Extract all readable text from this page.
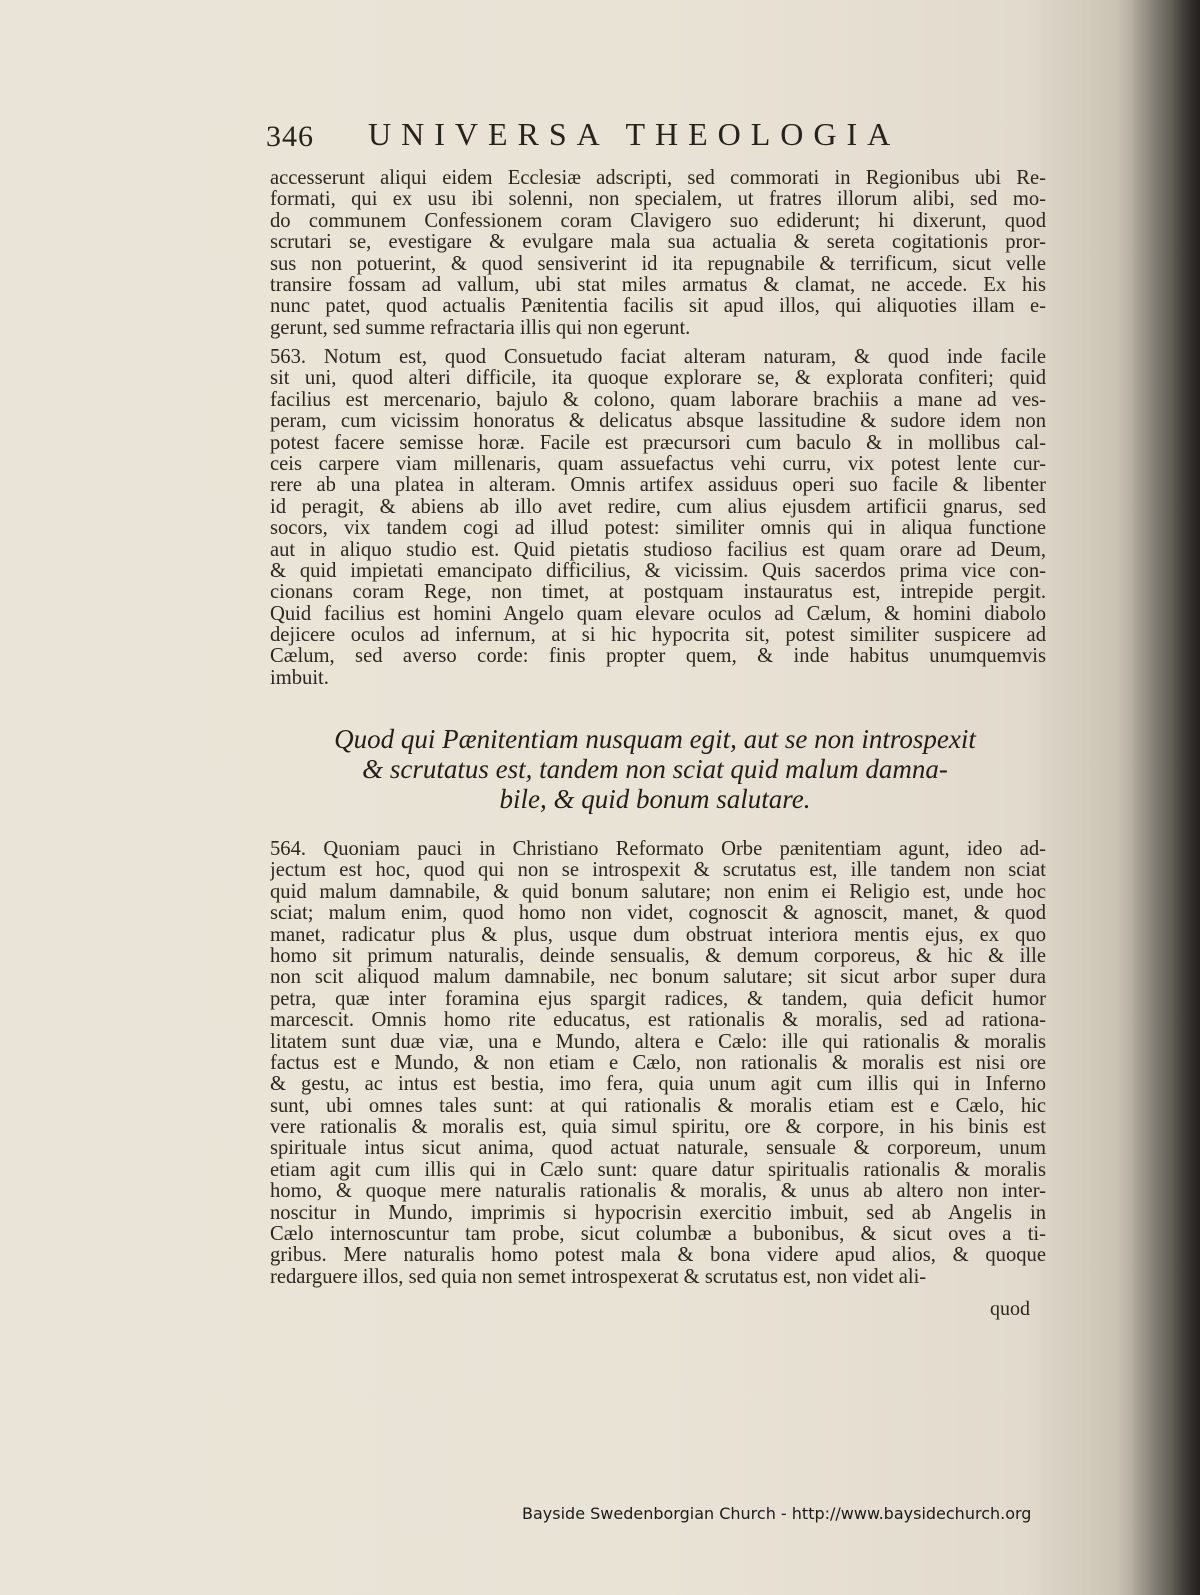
346 UNIVERSA THEOLOGIA
accesserunt aliqui eidem Ecclesiæ adscripti, sed commorati in Regionibus ubi Re-
formati, qui ex usu ibi solenni, non specialem, ut fratres illorum alibi, sed mo-
do communem Confessionem coram Clavigero suo ediderunt; hi dixerunt, quod
scrutari se, evestigare & evulgare mala sua actualia & sereta cogitationis pror-
sus non potuerint, & quod sensiverint id ita repugnabile & terrificum, sicut velle
transire fossam ad vallum, ubi stat miles armatus & clamat, ne accede. Ex his
nunc patet, quod actualis Pænitentia facilis sit apud illos, qui aliquoties illam e-
gerunt, sed summe refractaria illis qui non egerunt.
563. Notum est, quod Consuetudo faciat alteram naturam, & quod inde facile
sit uni, quod alteri difficile, ita quoque explorare se, & explorata confiteri; quid
facilius est mercenario, bajulo & colono, quam laborare brachiis a mane ad ves-
peram, cum vicissim honoratus & delicatus absque lassitudine & sudore idem non
potest facere semisse horæ. Facile est præcursori cum baculo & in mollibus cal-
ceis carpere viam millenaris, quam assuefactus vehi curru, vix potest lente cur-
rere ab una platea in alteram. Omnis artifex assiduus operi suo facile & libenter
id peragit, & abiens ab illo avet redire, cum alius ejusdem artificii gnarus, sed
socors, vix tandem cogi ad illud potest: similiter omnis qui in aliqua functione
aut in aliquo studio est. Quid pietatis studioso facilius est quam orare ad Deum,
& quid impietati emancipato difficilius, & vicissim. Quis sacerdos prima vice con-
cionans coram Rege, non timet, at postquam instauratus est, intrepide pergit.
Quid facilius est homini Angelo quam elevare oculos ad Cælum, & homini diabolo
dejicere oculos ad infernum, at si hic hypocrita sit, potest similiter suspicere ad
Cælum, sed averso corde: finis propter quem, & inde habitus unumquemvis
imbuit.
Quod qui Pænitentiam nusquam egit, aut se non introspexit
& scrutatus est, tandem non sciat quid malum damna-
bile, & quid bonum salutare.
564. Quoniam pauci in Christiano Reformato Orbe pænitentiam agunt, ideo ad-
jectum est hoc, quod qui non se introspexit & scrutatus est, ille tandem non sciat
quid malum damnabile, & quid bonum salutare; non enim ei Religio est, unde hoc
sciat; malum enim, quod homo non videt, cognoscit & agnoscit, manet, & quod
manet, radicatur plus & plus, usque dum obstruat interiora mentis ejus, ex quo
homo sit primum naturalis, deinde sensualis, & demum corporeus, & hic & ille
non scit aliquod malum damnabile, nec bonum salutare; sit sicut arbor super dura
petra, quæ inter foramina ejus spargit radices, & tandem, quia deficit humor
marcescit. Omnis homo rite educatus, est rationalis & moralis, sed ad rationa-
litatem sunt duæ viæ, una e Mundo, altera e Cælo: ille qui rationalis & moralis
factus est e Mundo, & non etiam e Cælo, non rationalis & moralis est nisi ore
& gestu, ac intus est bestia, imo fera, quia unum agit cum illis qui in Inferno
sunt, ubi omnes tales sunt: at qui rationalis & moralis etiam est e Cælo, hic
vere rationalis & moralis est, quia simul spiritu, ore & corpore, in his binis est
spirituale intus sicut anima, quod actuat naturale, sensuale & corporeum, unum
etiam agit cum illis qui in Cælo sunt: quare datur spiritualis rationalis & moralis
homo, & quoque mere naturalis rationalis & moralis, & unus ab altero non inter-
noscitur in Mundo, imprimis si hypocrisin exercitio imbuit, sed ab Angelis in
Cælo internoscuntur tam probe, sicut columbæ a bubonibus, & sicut oves a ti-
gribus. Mere naturalis homo potest mala & bona videre apud alios, & quoque
redarguere illos, sed quia non semet introspexerat & scrutatus est, non videt ali-
quod
Bayside Swedenborgian Church - http://www.baysidechurch.org
